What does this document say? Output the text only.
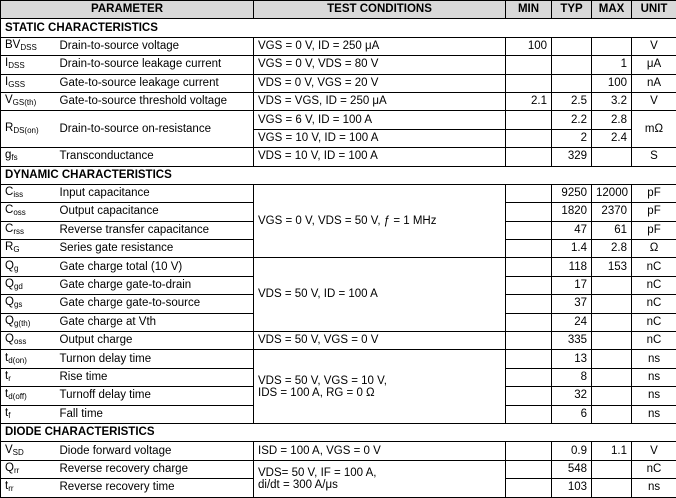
PARAMETER		TEST CONDITIONS	MIN	TYP	MAX	UNIT
STATIC CHARACTERISTICS						
$BV_{DSS}$	Drain-to-source voltage	VGS = 0 V, ID = 250 μA	100			V
$I_{DSS}$	Drain-to-source leakage current	VGS = 0 V, VDS = 80 V			1	μA
$I_{GSS}$	Gate-to-source leakage current	VDS = 0 V, VGS = 20 V			100	nA
$V_{GS(th)}$	Gate-to-source threshold voltage	VDS = VGS, ID = 250 μA	2.1	2.5	3.2	V
$R_{DS(on)}$	Drain-to-source on-resistance	VGS = 6 V, ID = 100 A		2.2	2.8	mΩ
		VGS = 10 V, ID = 100 A		2	2.4	
$g_{fs}$	Transconductance	VDS = 10 V, ID = 100 A		329		S
DYNAMIC CHARACTERISTICS						
$C_{iss}$	Input capacitance	VGS = 0 V, VDS = 50 V, ƒ = 1 MHz		9250	12000	pF
$C_{oss}$	Output capacitance			1820	2370	pF
$C_{rss}$	Reverse transfer capacitance			47	61	pF
$R_G$	Series gate resistance			1.4	2.8	Ω
$Q_g$	Gate charge total (10 V)	VDS = 50 V, ID = 100 A		118	153	nC
$Q_{gd}$	Gate charge gate-to-drain			17		nC
$Q_{gs}$	Gate charge gate-to-source			37		nC
$Q_{g(th)}$	Gate charge at Vth			24		nC
$Q_{oss}$	Output charge	VDS = 50 V, VGS = 0 V		335		nC
$t_{d(on)}$	Turnon delay time	VDS = 50 V, VGS = 10 V,
IDS = 100 A, RG = 0 Ω		13		ns
$t_r$	Rise time			8		ns
$t_{d(off)}$	Turnoff delay time			32		ns
$t_f$	Fall time			6		ns
DIODE CHARACTERISTICS						
$V_{SD}$	Diode forward voltage	ISD = 100 A, VGS = 0 V		0.9	1.1	V
$Q_{rr}$	Reverse recovery charge	VDS= 50 V, IF = 100 A,
di/dt = 300 A/μs		548		nC
$t_{rr}$	Reverse recovery time			103		ns
